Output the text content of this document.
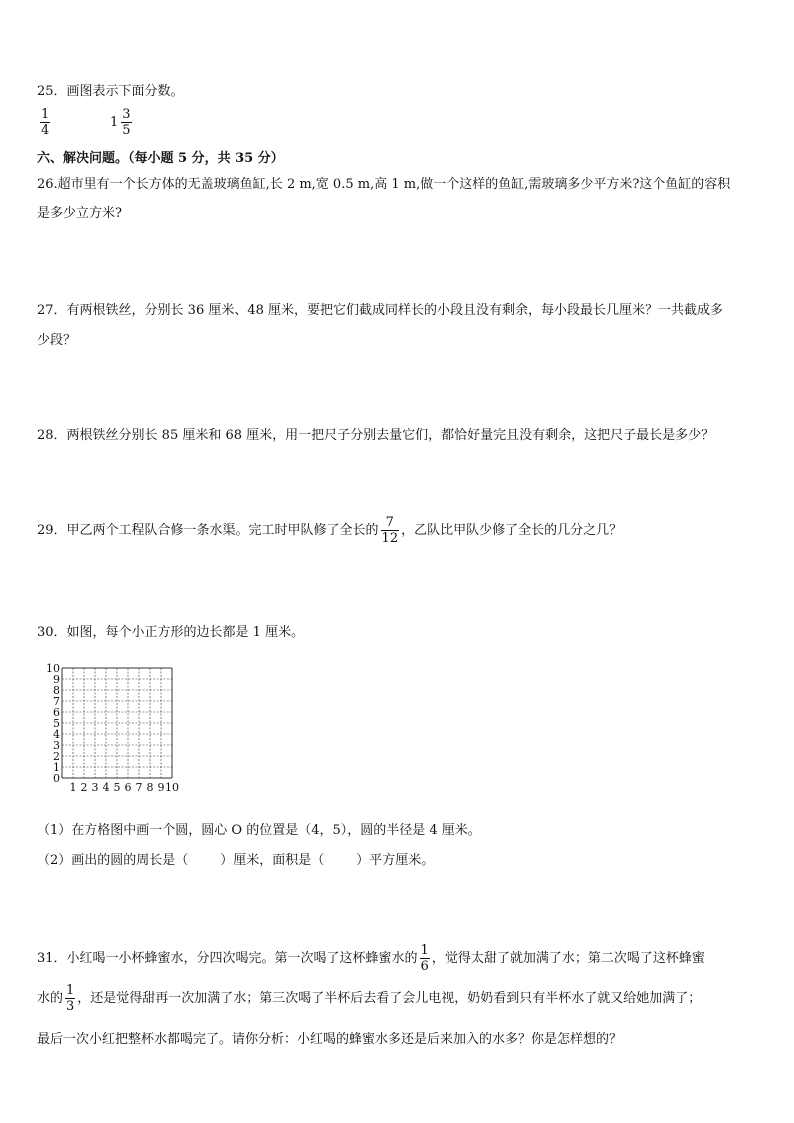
25．画图表示下面分数。
$\frac{1}{4}$	$1 \frac{3}{5}$
六、解决问题。（每小题 5 分，共 35 分）
26.超市里有一个长方体的无盖玻璃鱼缸,长 2 m,宽 0.5 m,高 1 m,做一个这样的鱼缸,需玻璃多少平方米?这个鱼缸的容积
是多少立方米?
27．有两根铁丝，分别长 36 厘米、48 厘米，要把它们截成同样长的小段且没有剩余，每小段最长几厘米？一共截成多
少段？
28．两根铁丝分别长 85 厘米和 68 厘米，用一把尺子分别去量它们，都恰好量完且没有剩余，这把尺子最长是多少？
29．甲乙两个工程队合修一条水渠。完工时甲队修了全长的 $\frac{7}{12}$ ，乙队比甲队少修了全长的几分之几？
30．如图，每个小正方形的边长都是 1 厘米。
1 2 3 4 5 6 7 8 9 10
0
1
2
3
4
5
6
7
8
9
10
（1）在方格图中画一个圆，圆心 O 的位置是（4，5），圆的半径是 4 厘米。
（2）画出的圆的周长是（ ）厘米，面积是（ ）平方厘米。
31．小红喝一小杯蜂蜜水，分四次喝完。第一次喝了这杯蜂蜜水的 $\frac{1}{6}$ ，觉得太甜了就加满了水；第二次喝了这杯蜂蜜
水的 $\frac{1}{3}$ ，还是觉得甜再一次加满了水；第三次喝了半杯后去看了会儿电视，奶奶看到只有半杯水了就又给她加满了；
最后一次小红把整杯水都喝完了。请你分析：小红喝的蜂蜜水多还是后来加入的水多？你是怎样想的？
